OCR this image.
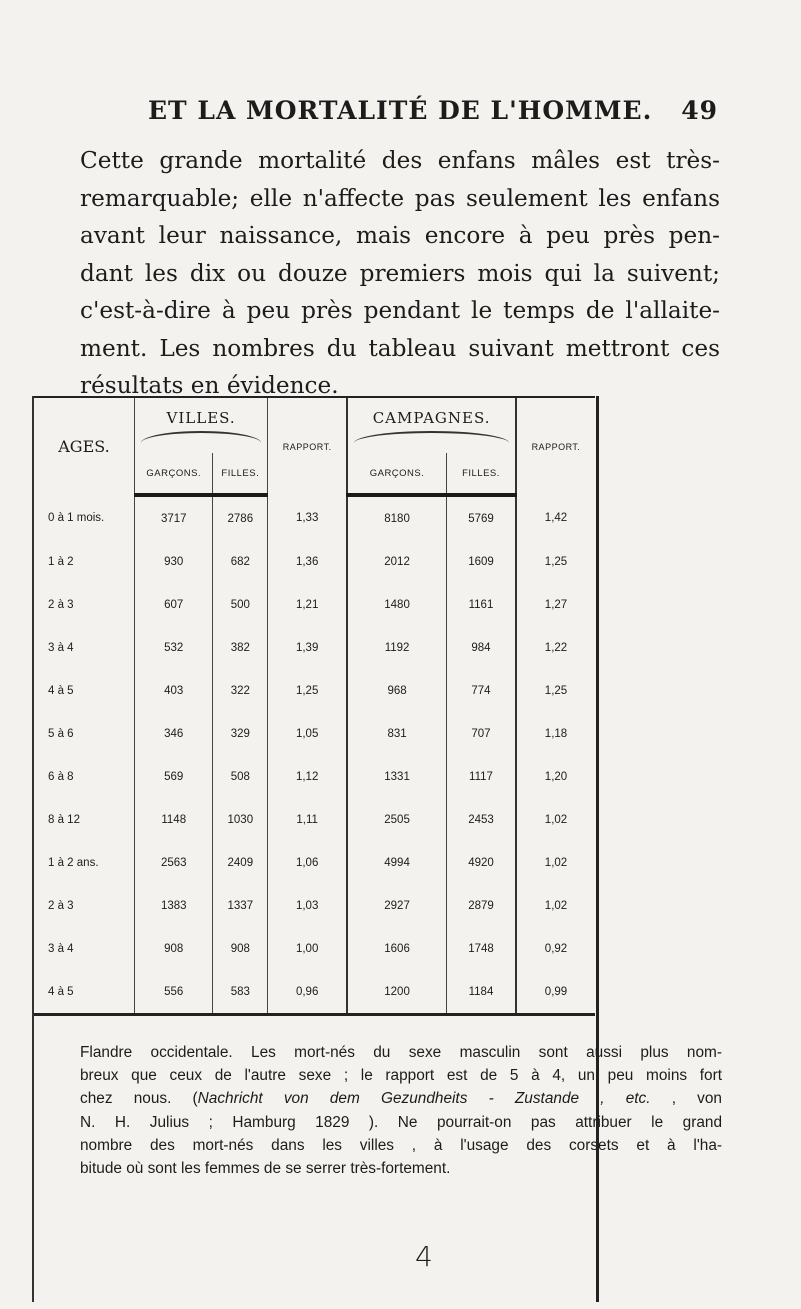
ET LA MORTALITÉ DE L'HOMME. 49
Cette grande mortalité des enfans mâles est très-
remarquable; elle n'affecte pas seulement les enfans
avant leur naissance, mais encore à peu près pen-
dant les dix ou douze premiers mois qui la suivent;
c'est-à-dire à peu près pendant le temps de l'allaite-
ment. Les nombres du tableau suivant mettront ces
résultats en évidence.
AGES.	VILLES.		RAPPORT.	CAMPAGNES.		RAPPORT.
	GARÇONS.	FILLES.		GARÇONS.	FILLES.	
0 à 1 mois.	3717	2786	1,33	8180	5769	1,42
1 à 2	930	682	1,36	2012	1609	1,25
2 à 3	607	500	1,21	1480	1161	1,27
3 à 4	532	382	1,39	1192	984	1,22
4 à 5	403	322	1,25	968	774	1,25
5 à 6	346	329	1,05	831	707	1,18
6 à 8	569	508	1,12	1331	1117	1,20
8 à 12	1148	1030	1,11	2505	2453	1,02
1 à 2 ans.	2563	2409	1,06	4994	4920	1,02
2 à 3	1383	1337	1,03	2927	2879	1,02
3 à 4	908	908	1,00	1606	1748	0,92
4 à 5	556	583	0,96	1200	1184	0,99
Flandre occidentale. Les mort-nés du sexe masculin sont aussi plus nom-
breux que ceux de l'autre sexe ; le rapport est de 5 à 4, un peu moins fort
chez nous. (Nachricht von dem Gezundheits - Zustande , etc. , von
N. H. Julius ; Hamburg 1829 ). Ne pourrait-on pas attribuer le grand
nombre des mort-nés dans les villes , à l'usage des corsets et à l'ha-
bitude où sont les femmes de se serrer très-fortement.
4
